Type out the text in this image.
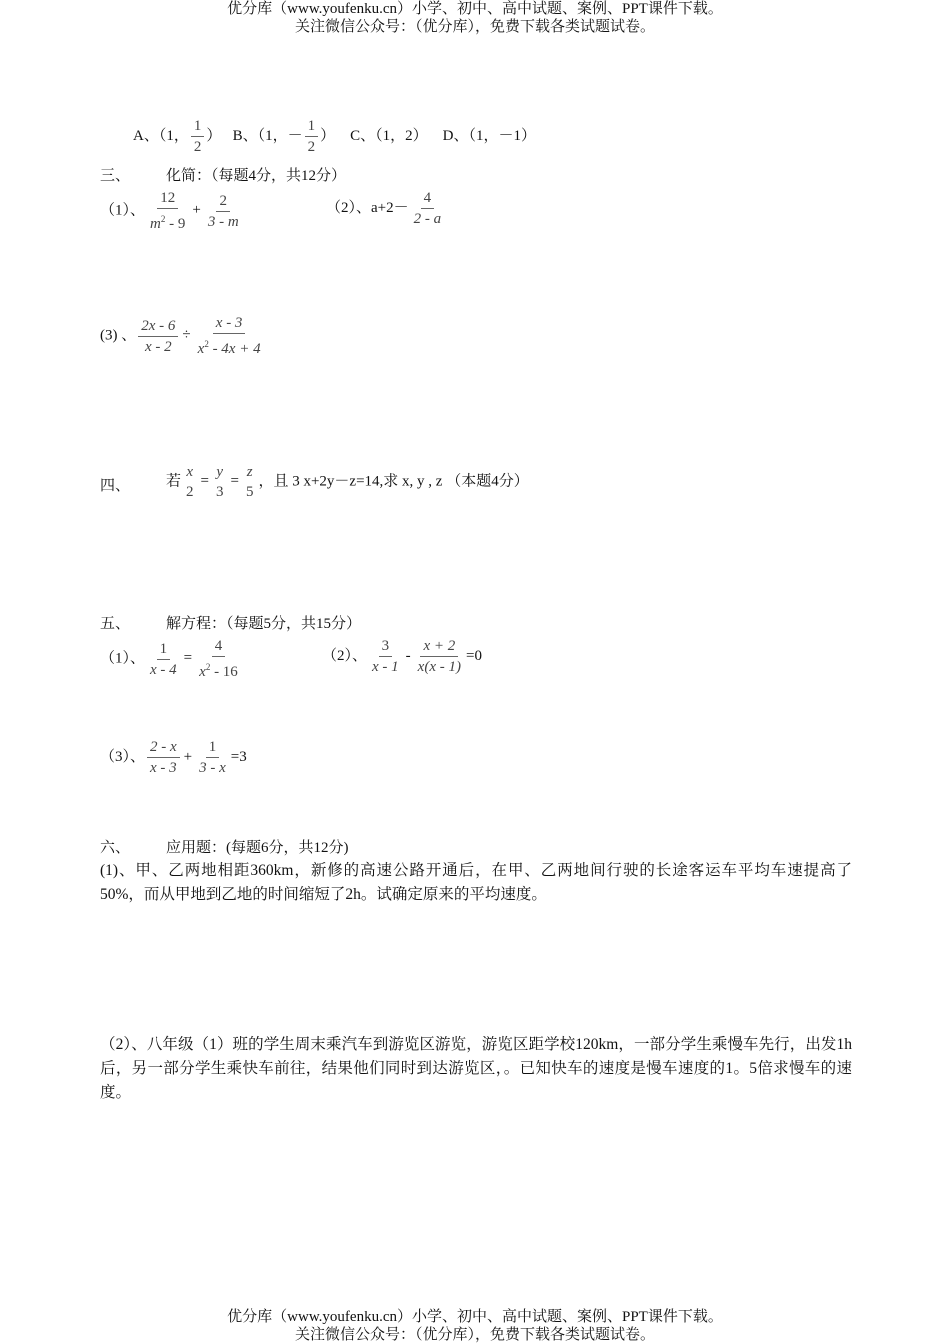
优分库（www.youfenku.cn）小学、初中、高中试题、案例、PPT课件下载。
关注微信公众号：（优分库），免费下载各类试题试卷。
A、（1， $\frac{1}{2}$ ） B、（1，－ $\frac{1}{2}$ ） C、（1，2） D、（1，－1）
三、 化简：（每题4分，共12分）
（1）、 $\frac{12}{m^2 - 9} + \frac{2}{3 - m}$	（2）、$a+2- \frac{4}{2 - a}$
(3) 、 $\frac{2x - 6}{x - 2} \div \frac{x - 3}{x^2 - 4x + 4}$
四、 若
x
2
=
y
3
=
z
5
，且 3 x+2y－z=14,求 x, y , z （本题4分）
五、 解方程：（每题5分，共15分）
（1）、 $\frac{1}{x - 4} = \frac{4}{x^2 - 16}$	（2）、 $\frac{3}{x - 1} - \frac{x + 2}{x(x - 1)} =0$
（3）、 $\frac{2 - x}{x - 3} + \frac{1}{3 - x} =3$
六、 应用题：(每题6分，共12分)
(1)、甲、乙两地相距360km，新修的高速公路开通后，在甲、乙两地间行驶的长途客运车平均车速提高了50%，而从甲地到乙地的时间缩短了2h。试确定原来的平均速度。
（2）、八年级（1）班的学生周末乘汽车到游览区游览，游览区距学校120km，一部分学生乘慢车先行，出发1h后，另一部分学生乘快车前往，结果他们同时到达游览区，。已知快车的速度是慢车速度的1。5倍求慢车的速度。
优分库（www.youfenku.cn）小学、初中、高中试题、案例、PPT课件下载。
关注微信公众号：（优分库），免费下载各类试题试卷。
